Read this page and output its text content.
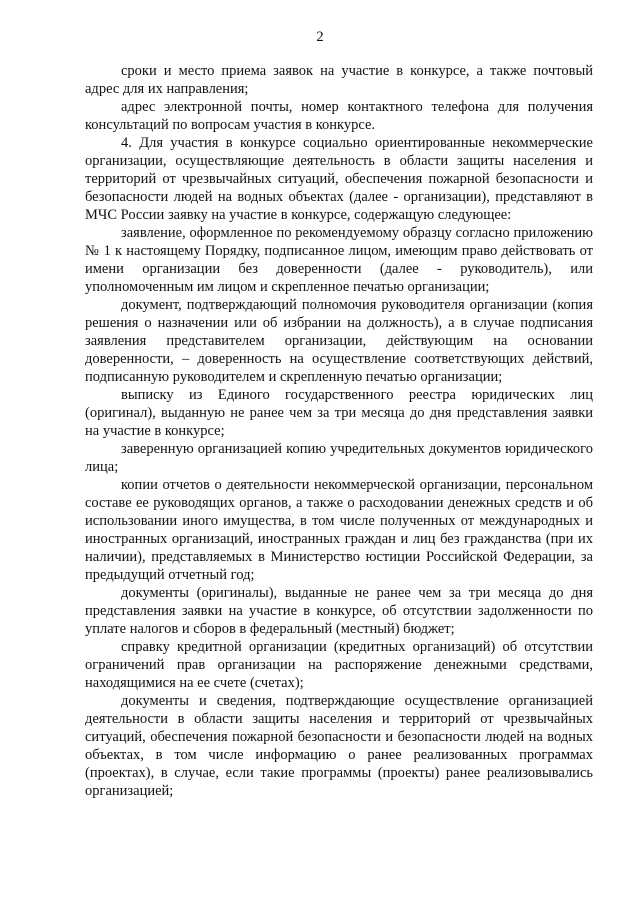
2

сроки и место приема заявок на участие в конкурсе, а также почтовый адрес для их направления;

адрес электронной почты, номер контактного телефона для получения консультаций по вопросам участия в конкурсе.

4. Для участия в конкурсе социально ориентированные некоммерческие организации, осуществляющие деятельность в области защиты населения и территорий от чрезвычайных ситуаций, обеспечения пожарной безопасности и безопасности людей на водных объектах (далее - организации), представляют в МЧС России заявку на участие в конкурсе, содержащую следующее:

заявление, оформленное по рекомендуемому образцу согласно приложению № 1 к настоящему Порядку, подписанное лицом, имеющим право действовать от имени организации без доверенности (далее - руководитель), или уполномоченным им лицом и скрепленное печатью организации;

документ, подтверждающий полномочия руководителя организации (копия решения о назначении или об избрании на должность), а в случае подписания заявления представителем организации, действующим на основании доверенности, – доверенность на осуществление соответствующих действий, подписанную руководителем и скрепленную печатью организации;

выписку из Единого государственного реестра юридических лиц (оригинал), выданную не ранее чем за три месяца до дня представления заявки на участие в конкурсе;

заверенную организацией копию учредительных документов юридического лица;

копии отчетов о деятельности некоммерческой организации, персональном составе ее руководящих органов, а также о расходовании денежных средств и об использовании иного имущества, в том числе полученных от международных и иностранных организаций, иностранных граждан и лиц без гражданства (при их наличии), представляемых в Министерство юстиции Российской Федерации, за предыдущий отчетный год;

документы (оригиналы), выданные не ранее чем за три месяца до дня представления заявки на участие в конкурсе, об отсутствии задолженности по уплате налогов и сборов в федеральный (местный) бюджет;

справку кредитной организации (кредитных организаций) об отсутствии ограничений прав организации на распоряжение денежными средствами, находящимися на ее счете (счетах);

документы и сведения, подтверждающие осуществление организацией деятельности в области защиты населения и территорий от чрезвычайных ситуаций, обеспечения пожарной безопасности и безопасности людей на водных объектах, в том числе информацию о ранее реализованных программах (проектах), в случае, если такие программы (проекты) ранее реализовывались организацией;
